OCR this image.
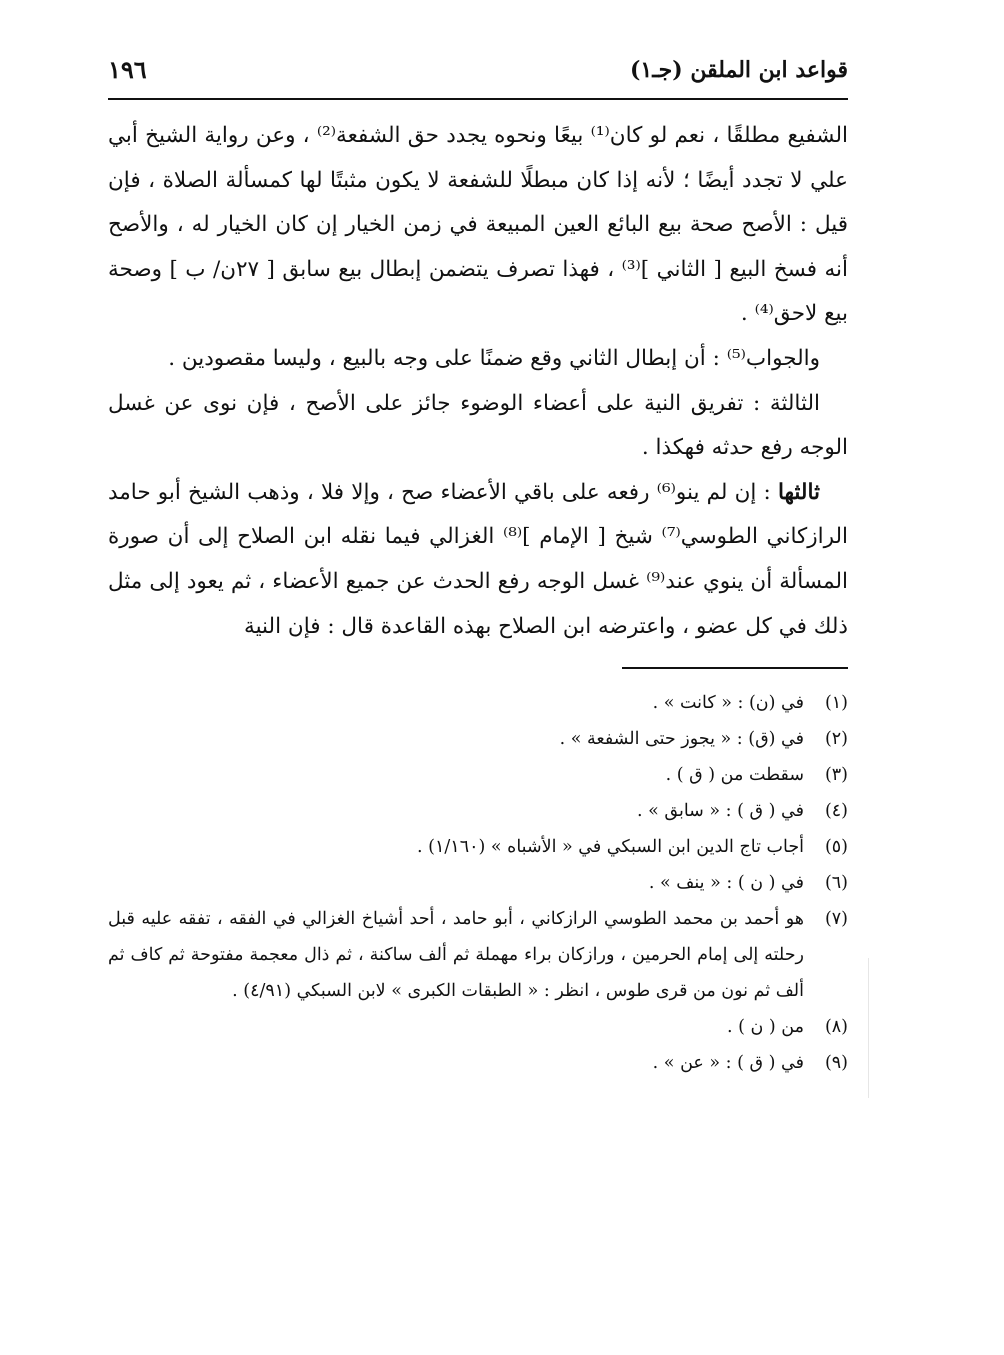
قواعد ابن الملقن (جـ١)
١٩٦

الشفيع مطلقًا ، نعم لو كان⁽¹⁾ بيعًا ونحوه يجدد حق الشفعة⁽²⁾ ، وعن رواية الشيخ أبي علي لا تجدد أيضًا ؛ لأنه إذا كان مبطلًا للشفعة لا يكون مثبتًا لها كمسألة الصلاة ، فإن قيل : الأصح صحة بيع البائع العين المبيعة في زمن الخيار إن كان الخيار له ، والأصح أنه فسخ البيع [ الثاني ]⁽³⁾ ، فهذا تصرف يتضمن إبطال بيع سابق [ ٢٧ن/ ب ] وصحة بيع لاحق⁽⁴⁾ .

والجواب⁽⁵⁾ : أن إبطال الثاني وقع ضمنًا على وجه بالبيع ، وليسا مقصودين .

الثالثة : تفريق النية على أعضاء الوضوء جائز على الأصح ، فإن نوى عن غسل الوجه رفع حدثه فهكذا .

ثالثها : إن لم ينو⁽⁶⁾ رفعه على باقي الأعضاء صح ، وإلا فلا ، وذهب الشيخ أبو حامد الرازكاني الطوسي⁽⁷⁾ شيخ [ الإمام ]⁽⁸⁾ الغزالي فيما نقله ابن الصلاح إلى أن صورة المسألة أن ينوي عند⁽⁹⁾ غسل الوجه رفع الحدث عن جميع الأعضاء ، ثم يعود إلى مثل ذلك في كل عضو ، واعترضه ابن الصلاح بهذه القاعدة قال : فإن النية

(١)
في (ن) : « كانت » .
(٢)
في (ق) : « يجوز حتى الشفعة » .
(٣)
سقطت من ( ق ) .
(٤)
في ( ق ) : « سابق » .
(٥)
أجاب تاج الدين ابن السبكي في « الأشباه » (١/١٦٠) .
(٦)
في ( ن ) : « ينف » .
(٧)
هو أحمد بن محمد الطوسي الرازكاني ، أبو حامد ، أحد أشياخ الغزالي في الفقه ، تفقه عليه قبل رحلته إلى إمام الحرمين ، ورازكان براء مهملة ثم ألف ساكنة ، ثم ذال معجمة مفتوحة ثم كاف ثم ألف ثم نون من قرى طوس ، انظر : « الطبقات الكبرى » لابن السبكي (٤/٩١) .
(٨)
من ( ن ) .
(٩)
في ( ق ) : « عن » .
